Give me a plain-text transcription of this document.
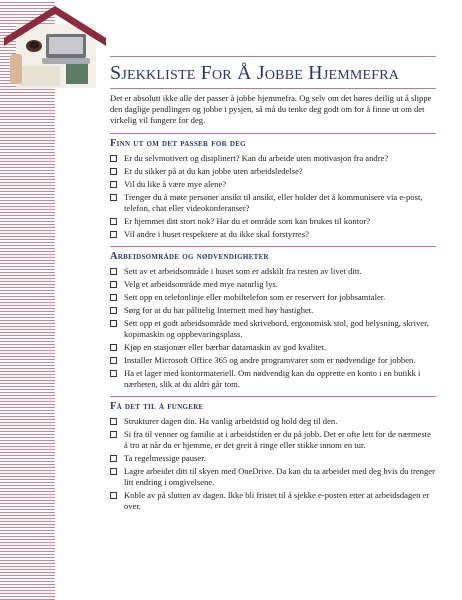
Sjekkliste For Å Jobbe Hjemmefra

Det er absolutt ikke alle det passer å jobbe hjemmefra. Og selv om det høres deilig ut å slippe den daglige pendlingen og jobbe i pysjen, så må du tenke deg godt om for å finne ut om det virkelig vil fungere for deg.

Finn ut om det passer for deg
Er du selvmotivert og disiplinert? Kan du arbeide uten motivasjon fra andre?
Er du sikker på at du kan jobbe uten arbeidsledelse?
Vil du like å være mye alene?
Trenger du å møte personer ansikt til ansikt, eller holder det å kommunisere via e-post, telefon, chat eller videokonferanser?
Er hjemmet ditt stort nok? Har du et område som kan brukes til kontor?
Vil andre i huset respektere at du ikke skal forstyrres?
Arbeidsområde og nødvendigheter
Sett av et arbeidsområde i huset som er adskilt fra resten av livet ditt.
Velg et arbeidsområde med mye naturlig lys.
Sett opp en telefonlinje eller mobiltelefon som er reservert for jobbsamtaler.
Sørg for at du har pålitelig Internett med høy hastighet.
Sett opp et godt arbeidsområde med skrivebord, ergonomisk stol, god belysning, skriver, kopimaskin og oppbevaringsplass.
Kjøp en stasjonær eller bærbar datamaskin av god kvalitet.
Installer Microsoft Office 365 og andre programvarer som er nødvendige for jobben.
Ha et lager med kontormateriell. Om nødvendig kan du opprette en konto i en butikk i nærheten, slik at du aldri går tom.
Få det til å fungere
Strukturer dagen din. Ha vanlig arbeidstid og hold deg til den.
Si fra til venner og familie at i arbeidstiden er du på jobb. Det er ofte lett for de nærmeste å tro at når du er hjemme, er det greit å ringe eller stikke innom en tur.
Ta regelmessige pauser.
Lagre arbeidet ditt til skyen med OneDrive. Da kan du ta arbeidet med deg hvis du trenger litt endring i omgivelsene.
Koble av på slutten av dagen. Ikke bli fristet til å sjekke e-posten etter at arbeidsdagen er over.
